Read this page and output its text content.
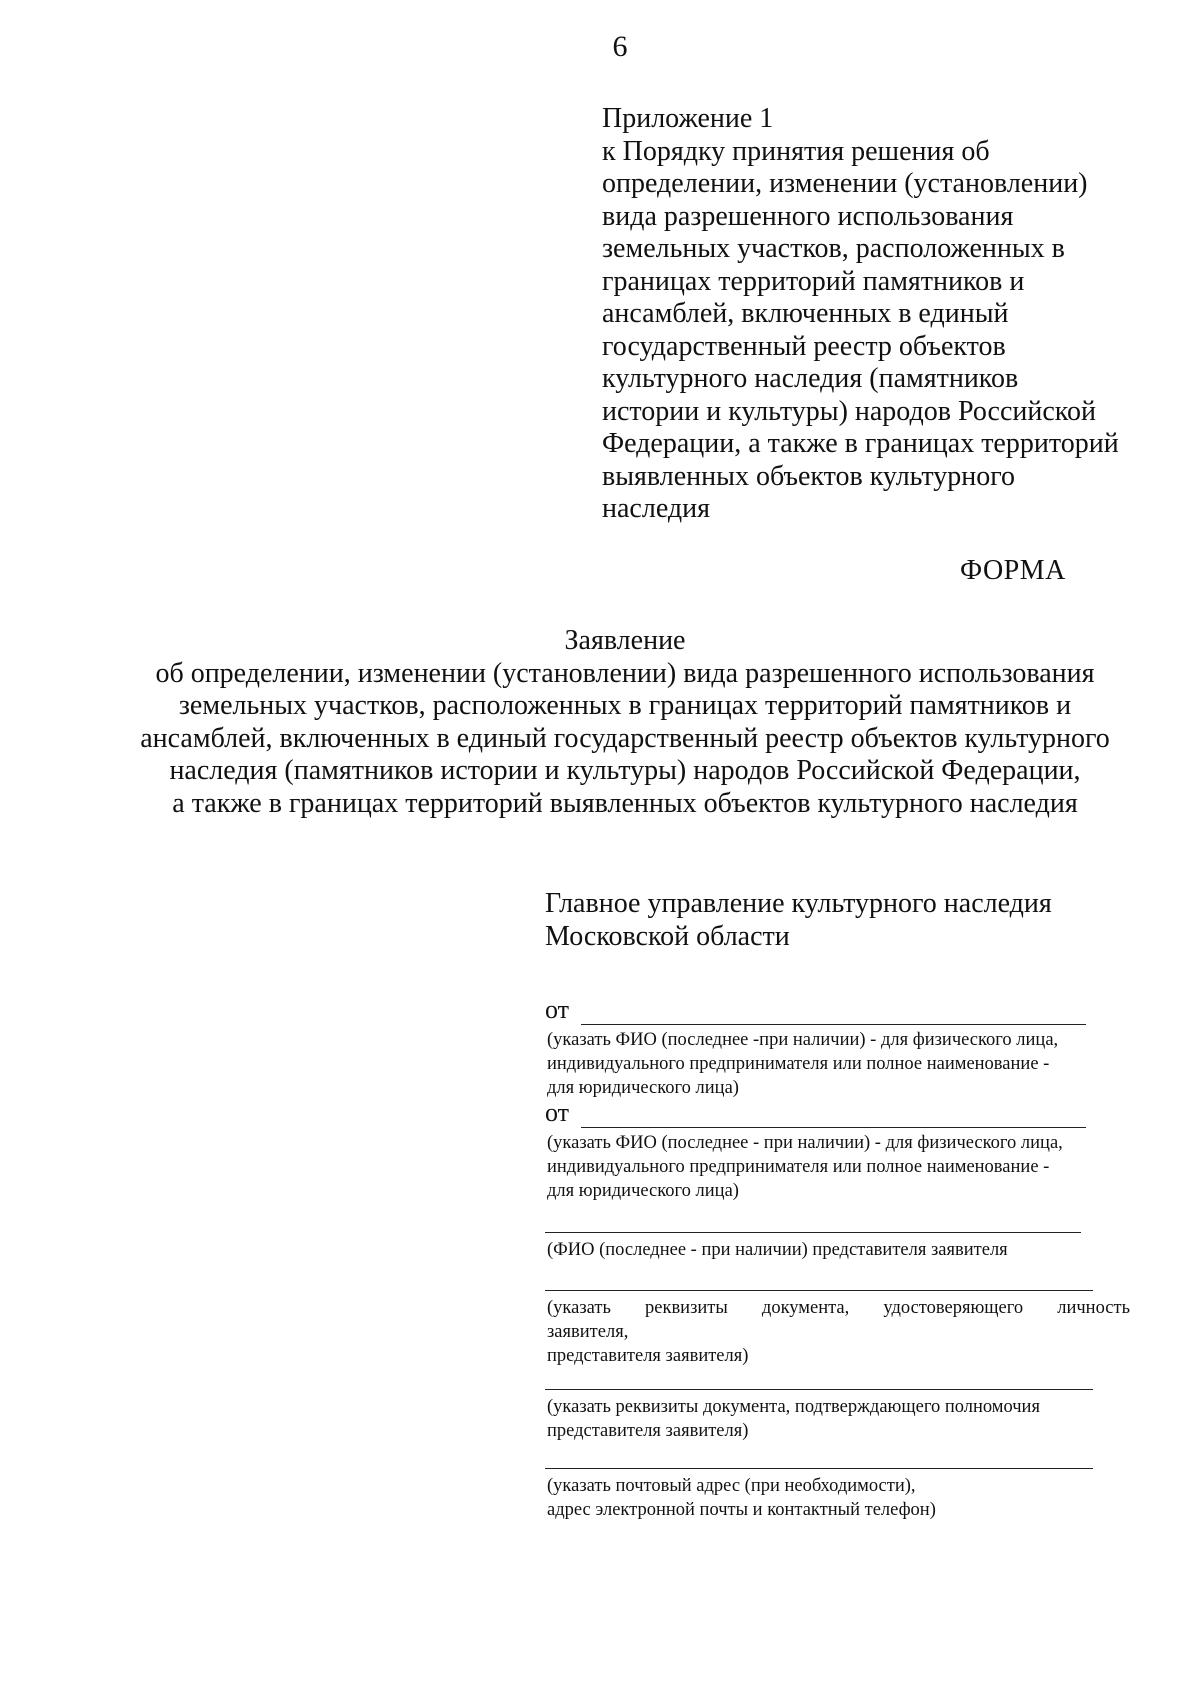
6
Приложение 1
к Порядку принятия решения об
определении, изменении (установлении)
вида разрешенного использования
земельных участков, расположенных в
границах территорий памятников и
ансамблей, включенных в единый
государственный реестр объектов
культурного наследия (памятников
истории и культуры) народов Российской
Федерации, а также в границах территорий
выявленных объектов культурного
наследия
ФОРМА
Заявление
об определении, изменении (установлении) вида разрешенного использования
земельных участков, расположенных в границах территорий памятников и
ансамблей, включенных в единый государственный реестр объектов культурного
наследия (памятников истории и культуры) народов Российской Федерации,
а также в границах территорий выявленных объектов культурного наследия
Главное управление культурного наследия
Московской области
от
(указать ФИО (последнее -при наличии) - для физического лица,
индивидуального предпринимателя или полное наименование -
для юридического лица)
от
(указать ФИО (последнее - при наличии) - для физического лица,
индивидуального предпринимателя или полное наименование -
для юридического лица)
(ФИО (последнее - при наличии) представителя заявителя
(указать реквизиты документа, удостоверяющего личность
заявителя,
представителя заявителя)
(указать реквизиты документа, подтверждающего полномочия
представителя заявителя)
(указать почтовый адрес (при необходимости),
адрес электронной почты и контактный телефон)
